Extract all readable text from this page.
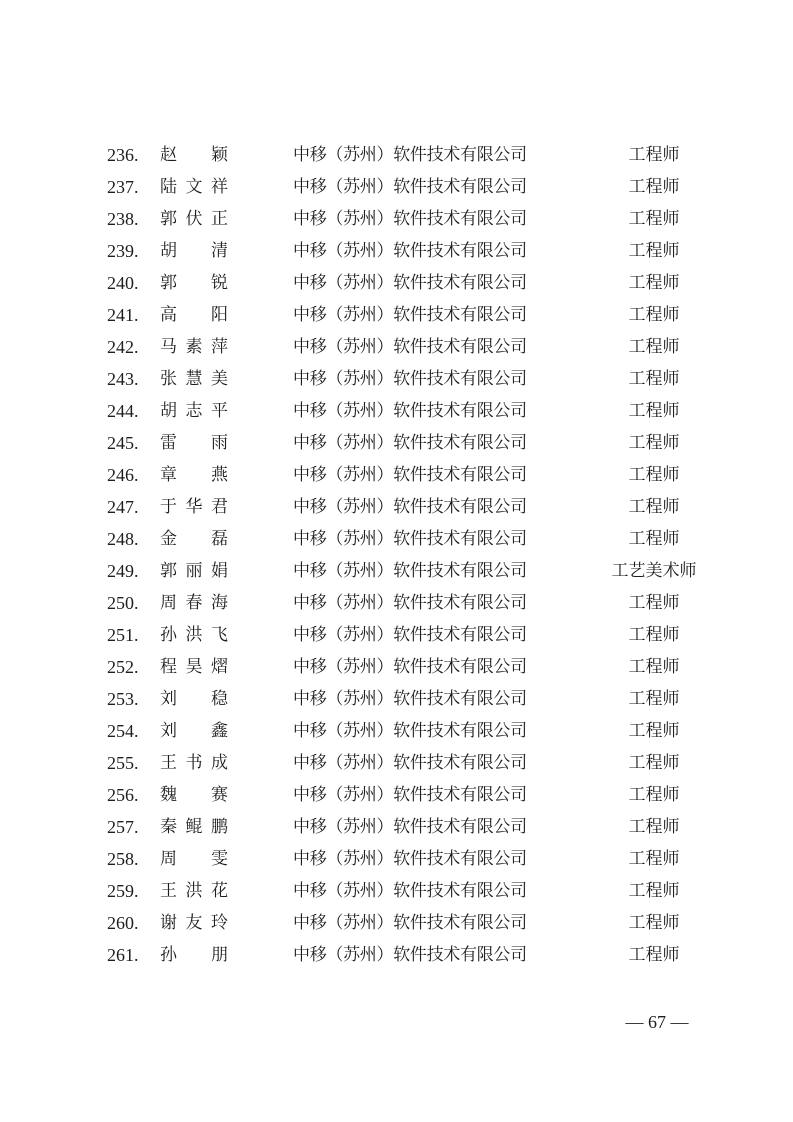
236. 赵颖	中移（苏州）软件技术有限公司	工程师
237. 陆文祥	中移（苏州）软件技术有限公司	工程师
238. 郭伏正	中移（苏州）软件技术有限公司	工程师
239. 胡清	中移（苏州）软件技术有限公司	工程师
240. 郭锐	中移（苏州）软件技术有限公司	工程师
241. 高阳	中移（苏州）软件技术有限公司	工程师
242. 马素萍	中移（苏州）软件技术有限公司	工程师
243. 张慧美	中移（苏州）软件技术有限公司	工程师
244. 胡志平	中移（苏州）软件技术有限公司	工程师
245. 雷雨	中移（苏州）软件技术有限公司	工程师
246. 章燕	中移（苏州）软件技术有限公司	工程师
247. 于华君	中移（苏州）软件技术有限公司	工程师
248. 金磊	中移（苏州）软件技术有限公司	工程师
249. 郭丽娟	中移（苏州）软件技术有限公司	工艺美术师
250. 周春海	中移（苏州）软件技术有限公司	工程师
251. 孙洪飞	中移（苏州）软件技术有限公司	工程师
252. 程昊熠	中移（苏州）软件技术有限公司	工程师
253. 刘稳	中移（苏州）软件技术有限公司	工程师
254. 刘鑫	中移（苏州）软件技术有限公司	工程师
255. 王书成	中移（苏州）软件技术有限公司	工程师
256. 魏赛	中移（苏州）软件技术有限公司	工程师
257. 秦鲲鹏	中移（苏州）软件技术有限公司	工程师
258. 周雯	中移（苏州）软件技术有限公司	工程师
259. 王洪花	中移（苏州）软件技术有限公司	工程师
260. 谢友玲	中移（苏州）软件技术有限公司	工程师
261. 孙朋	中移（苏州）软件技术有限公司	工程师
— 67 —
